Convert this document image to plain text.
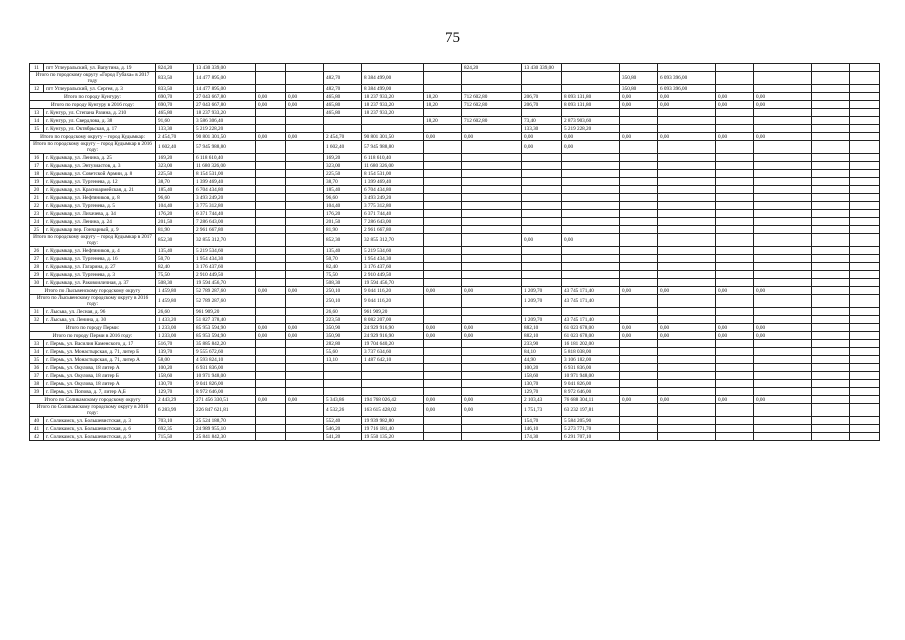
75
11	пгт Углеуральский, ул. Вапутина, д. 19	824,20	13 430 339,00						824,20	13 430 339,00							
Итого по городскому округу «Город Губаха» в 2017 году		833,50	14 477 895,00			482,70	8 384 499,00					350,80	6 093 396,00				
12	пгт Углеуральский, ул. Сергея, д. 3	833,50	14 477 895,00			482,70	8 384 499,00					350,80	6 093 396,00				
Итого по городу Кунгуру:		690,70	27 043 667,80	0,00	0,00	465,80	18 237 933,20	18,20	712 602,80	206,70	8 093 131,80	0,00	0,00	0,00	0,00		
Итого по городу Кунгуру в 2016 году:		690,70	27 043 667,80	0,00	0,00	465,80	18 237 933,20	18,20	712 602,80	206,70	8 093 131,80	0,00	0,00	0,00	0,00		
13	г. Кунгур, ул. Степана Разина, д. 210	465,80	18 237 933,20			465,80	18 237 933,20										
14	г. Кунгур, ул. Свердлова, д. 38	91,60	3 586 306,40					18,20	712 602,80	73,40	2 873 903,60						
15	г. Кунгур, ул. Октябрьская, д. 17	133,30	5 219 228,20							133,30	5 219 228,20						
Итого по городскому округу – город Кудымкар:		2 454,70	90 801 301,50	0,00	0,00	2 454,70	90 801 301,50	0,00	0,00	0,00	0,00	0,00	0,00	0,00	0,00		
Итого по городскому округу – город Кудымкар в 2016 году:		1 602,40	57 945 988,80			1 602,40	57 945 988,80			0,00	0,00						
16	г. Кудымкар, ул. Ленина, д. 25	169,20	6 118 610,40			169,20	6 118 610,40										
17	г. Кудымкар, ул. Энтузиастов, д. 3	323,00	11 680 326,00			323,00	11 680 326,00										
18	г. Кудымкар, ул. Советской Армии, д. 8	225,50	8 154 531,00			225,50	8 154 531,00										
19	г. Кудымкар, ул. Тургенева, д. 12	38,70	1 399 469,40			38,70	1 399 469,40										
20	г. Кудымкар, ул. Красноармейская, д. 21	185,40	6 704 434,80			185,40	6 704 434,80										
21	г. Кудымкар, ул. Нефтяников, д. 8	96,60	3 493 249,20			96,60	3 493 249,20										
22	г. Кудымкар, ул. Тургенева, д. 5	104,40	3 775 312,80			104,40	3 775 312,80										
23	г. Кудымкар, ул. Лихачева, д. 34	176,20	6 371 744,40			176,20	6 371 744,40										
24	г. Кудымкар, ул. Ленина, д. 24	201,50	7 286 643,00			201,50	7 286 643,00										
25	г. Кудымкар пер. Гончарный, д. 9	81,90	2 961 667,80			81,90	2 961 667,80										
Итого по городскому округу – город Кудымкар в 2017 году:		852,30	32 855 312,70			852,30	32 855 312,70			0,00	0,00						
26	г. Кудымкар, ул. Нефтяников, д. 4	135,40	5 219 534,60			135,40	5 219 534,60										
27	г. Кудымкар, ул. Тургенева, д. 16	50,70	1 954 434,30			50,70	1 954 434,30										
28	г. Кудымкар, ул. Гагарина, д. 27	82,40	3 176 437,60			82,40	3 176 437,60										
29	г. Кудымкар, ул. Тургенева, д. 3	75,50	2 910 449,50			75,50	2 910 449,50										
30	г. Кудымкар, ул. Раковоиличная, д. 37	508,30	19 594 456,70			508,30	19 594 456,70										
Итого по Лысьвенскому городскому округу		1 459,80	52 789 287,60	0,00	0,00	250,10	9 044 116,20	0,00	0,00	1 209,70	43 745 171,40	0,00	0,00	0,00	0,00		
Итого по Лысьвенскому городскому округу в 2016 году:		1 459,80	52 789 287,60			250,10	9 044 116,20			1 209,70	43 745 171,40						
31	г. Лысьва, ул. Лесная, д. 96	26,60	961 909,20			26,60	961 909,20										
32	г. Лысьва, ул. Ленина, д. 30	1 433,20	51 827 378,40			223,50	8 082 207,00			1 209,70	43 745 171,40						
Итого по городу Перми:		1 233,00	85 953 594,90	0,00	0,00	350,90	24 929 916,90	0,00	0,00	882,10	61 023 678,00	0,00	0,00	0,00	0,00		
Итого по городу Перми в 2016 году:		1 233,00	85 953 594,90	0,00	0,00	350,90	24 929 916,90	0,00	0,00	882,10	61 023 678,00	0,00	0,00	0,00	0,00		
33	г. Пермь, ул. Василия Каменского, д. 17	516,70	35 885 842,20			282,80	19 704 640,20			233,90	16 181 202,00						
34	г. Пермь, ул. Монастырская, д. 71, литер Б	139,70	9 555 672,60			55,60	3 737 634,60			84,10	5 818 038,00						
35	г. Пермь, ул. Монастырская, д. 71, литер А	58,00	4 593 824,10			13,10	1 487 642,10			44,90	3 106 182,00						
36	г. Пермь, ул. Окулова, 18 литер А	100,20	6 931 836,00							100,20	6 931 836,00						
37	г. Пермь, ул. Окулова, 18 литер Б	158,60	10 971 948,00							158,60	10 971 948,00						
38	г. Пермь, ул. Окулова, 18 литер А	130,70	9 041 826,00							130,70	9 041 826,00						
39	г. Пермь, ул. Попова, д. 7, литер А,Б	129,70	8 972 646,00							129,70	8 972 646,00						
Итого по Соликамскому городскому округу		2 443,29	271 456 330,51	0,00	0,00	5 343,86	194 768 026,42	0,00	0,00	2 103,43	76 688 304,11	0,00	0,00	0,00	0,00		
Итого по Соликамскому городскому округу в 2016 году:		6 283,99	226 847 621,81			4 532,26	163 615 428,02	0,00	0,00	1 751,73	63 232 197,81						
40	г. Соликамск, ул. Большевистская, д. 3	703,10	25 524 188,70			552,40	19 939 982,80			154,70	5 584 205,90						
41	г. Соликамск, ул. Большевистская, д. 6	692,35	24 989 955,10			546,20	19 716 181,40			146,10	5 273 771,70						
42	г. Соликамск, ул. Большевистская, д. 9	715,50	25 841 842,30			541,20	19 550 135,20			174,30	6 291 707,10						
